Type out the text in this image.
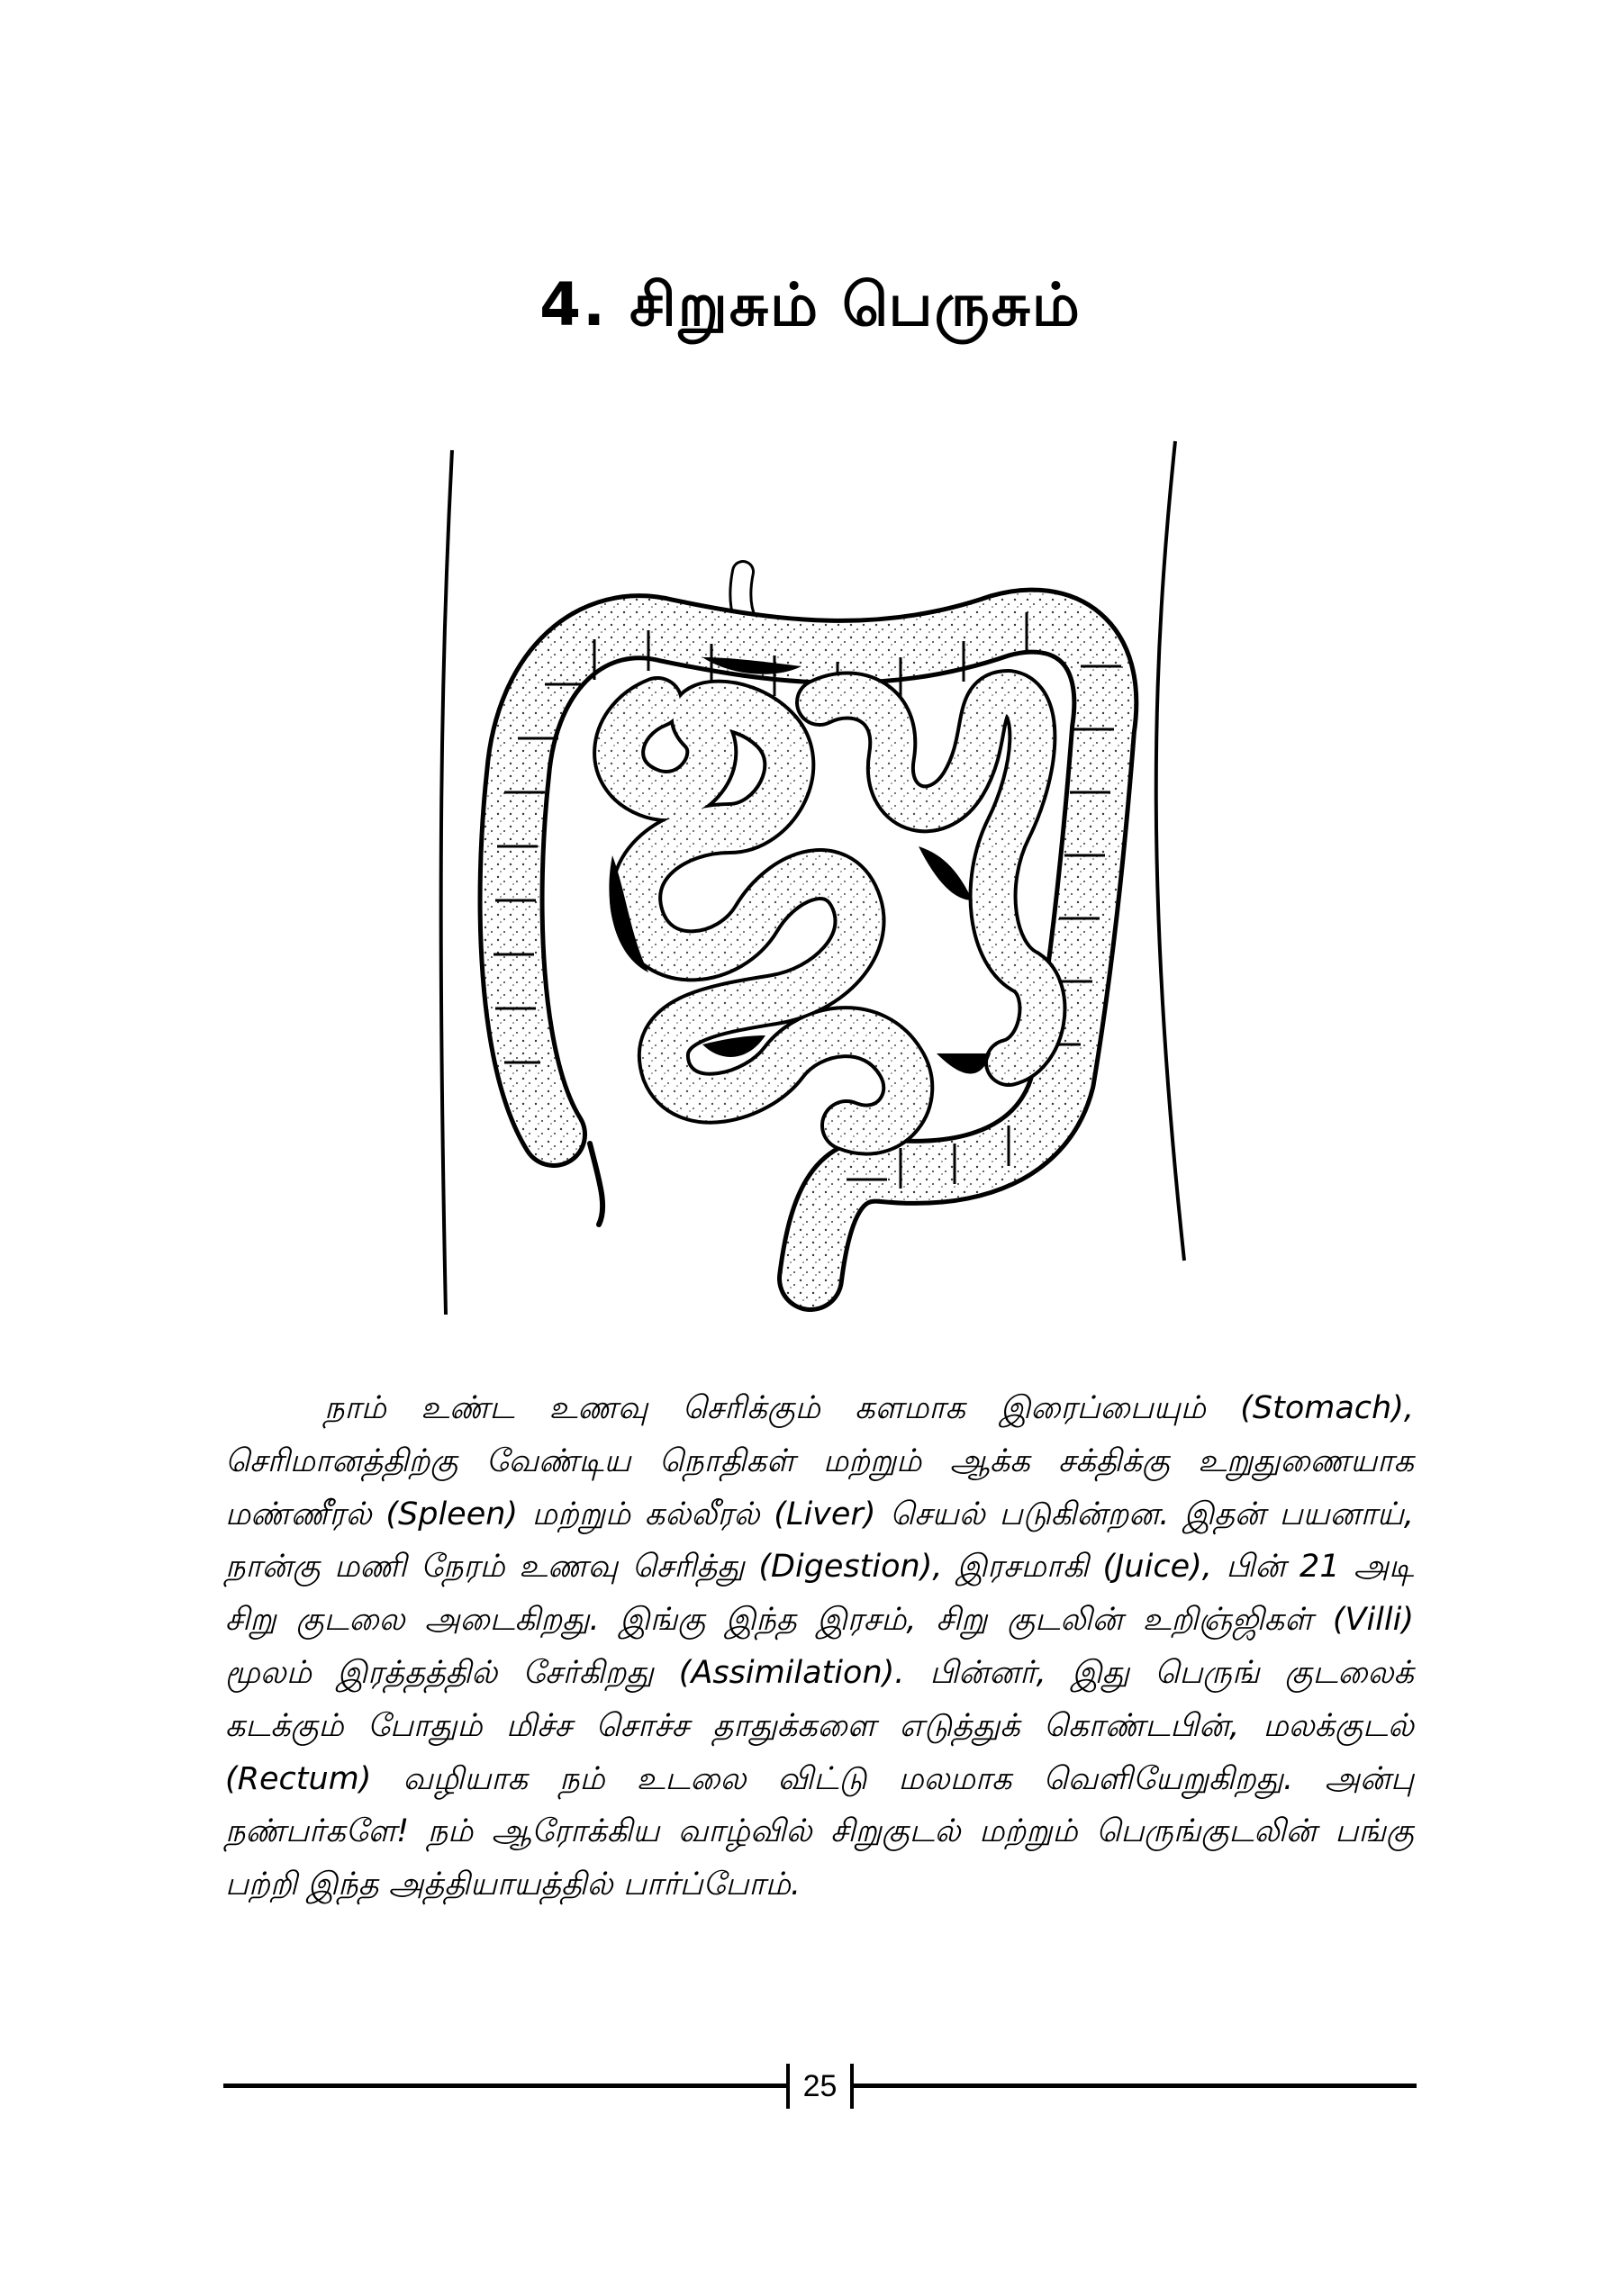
4. சிறுசும் பெருசும்

நாம் உண்ட உணவு செரிக்கும் களமாக இரைப்பையும் (Stomach), செரிமானத்திற்கு வேண்டிய நொதிகள் மற்றும் ஆக்க சக்திக்கு உறுதுணையாக மண்ணீரல் (Spleen) மற்றும் கல்லீரல் (Liver) செயல் படுகின்றன. இதன் பயனாய், நான்கு மணி நேரம் உணவு செரித்து (Digestion), இரசமாகி (Juice), பின் 21 அடி சிறு குடலை அடைகிறது. இங்கு இந்த இரசம், சிறு குடலின் உறிஞ்ஜிகள் (Villi) மூலம் இரத்தத்தில் சேர்கிறது (Assimilation). பின்னர், இது பெருங் குடலைக் கடக்கும் போதும் மிச்ச சொச்ச தாதுக்களை எடுத்துக் கொண்டபின், மலக்குடல் (Rectum) வழியாக நம் உடலை விட்டு மலமாக வெளியேறுகிறது. அன்பு நண்பர்களே! நம் ஆரோக்கிய வாழ்வில் சிறுகுடல் மற்றும் பெருங்குடலின் பங்கு பற்றி இந்த அத்தியாயத்தில் பார்ப்போம்.

25
